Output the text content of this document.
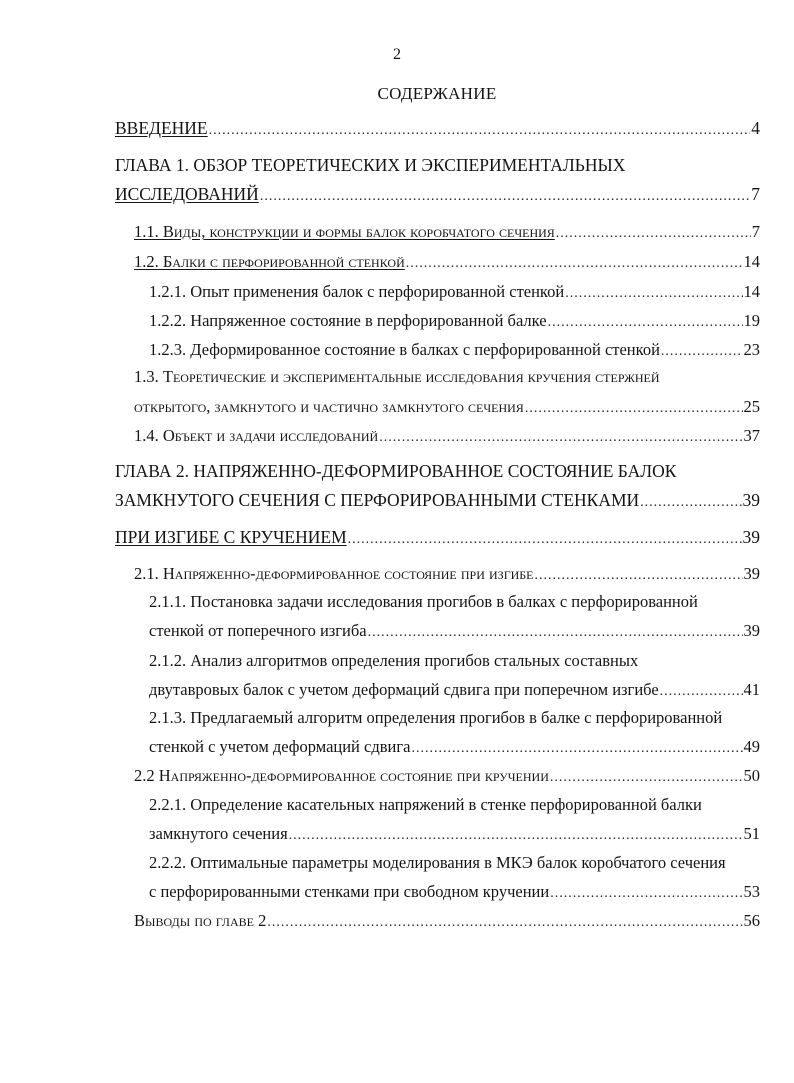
2
СОДЕРЖАНИЕ
ВВЕДЕНИЕ .....	4
ГЛАВА 1. ОБЗОР ТЕОРЕТИЧЕСКИХ И ЭКСПЕРИМЕНТАЛЬНЫХ
ИССЛЕДОВАНИЙ .....	7
1.1. Виды, конструкции и формы балок коробчатого сечения .....	7
1.2. Балки с перфорированной стенкой .....	14
1.2.1. Опыт применения балок с перфорированной стенкой .....	14
1.2.2. Напряженное состояние в перфорированной балке .....	19
1.2.3. Деформированное состояние в балках с перфорированной стенкой .....	23
1.3. Теоретические и экспериментальные исследования кручения стержней
открытого, замкнутого и частично замкнутого сечения .....	25
1.4. Объект и задачи исследований .....	37
ГЛАВА 2. НАПРЯЖЕННО-ДЕФОРМИРОВАННОЕ СОСТОЯНИЕ БАЛОК
ЗАМКНУТОГО СЕЧЕНИЯ С ПЕРФОРИРОВАННЫМИ СТЕНКАМИ .....	39
ПРИ ИЗГИБЕ С КРУЧЕНИЕМ .....	39
2.1. Напряженно-деформированное состояние при изгибе .....	39
2.1.1. Постановка задачи исследования прогибов в балках с перфорированной
стенкой от поперечного изгиба .....	39
2.1.2. Анализ алгоритмов определения прогибов стальных составных
двутавровых балок с учетом деформаций сдвига при поперечном изгибе .....	41
2.1.3. Предлагаемый алгоритм определения прогибов в балке с перфорированной
стенкой с учетом деформаций сдвига .....	49
2.2 Напряженно-деформированное состояние при кручении .....	50
2.2.1. Определение касательных напряжений в стенке перфорированной балки
замкнутого сечения .....	51
2.2.2. Оптимальные параметры моделирования в МКЭ балок коробчатого сечения
с перфорированными стенками при свободном кручении .....	53
Выводы по главе 2 .....	56
